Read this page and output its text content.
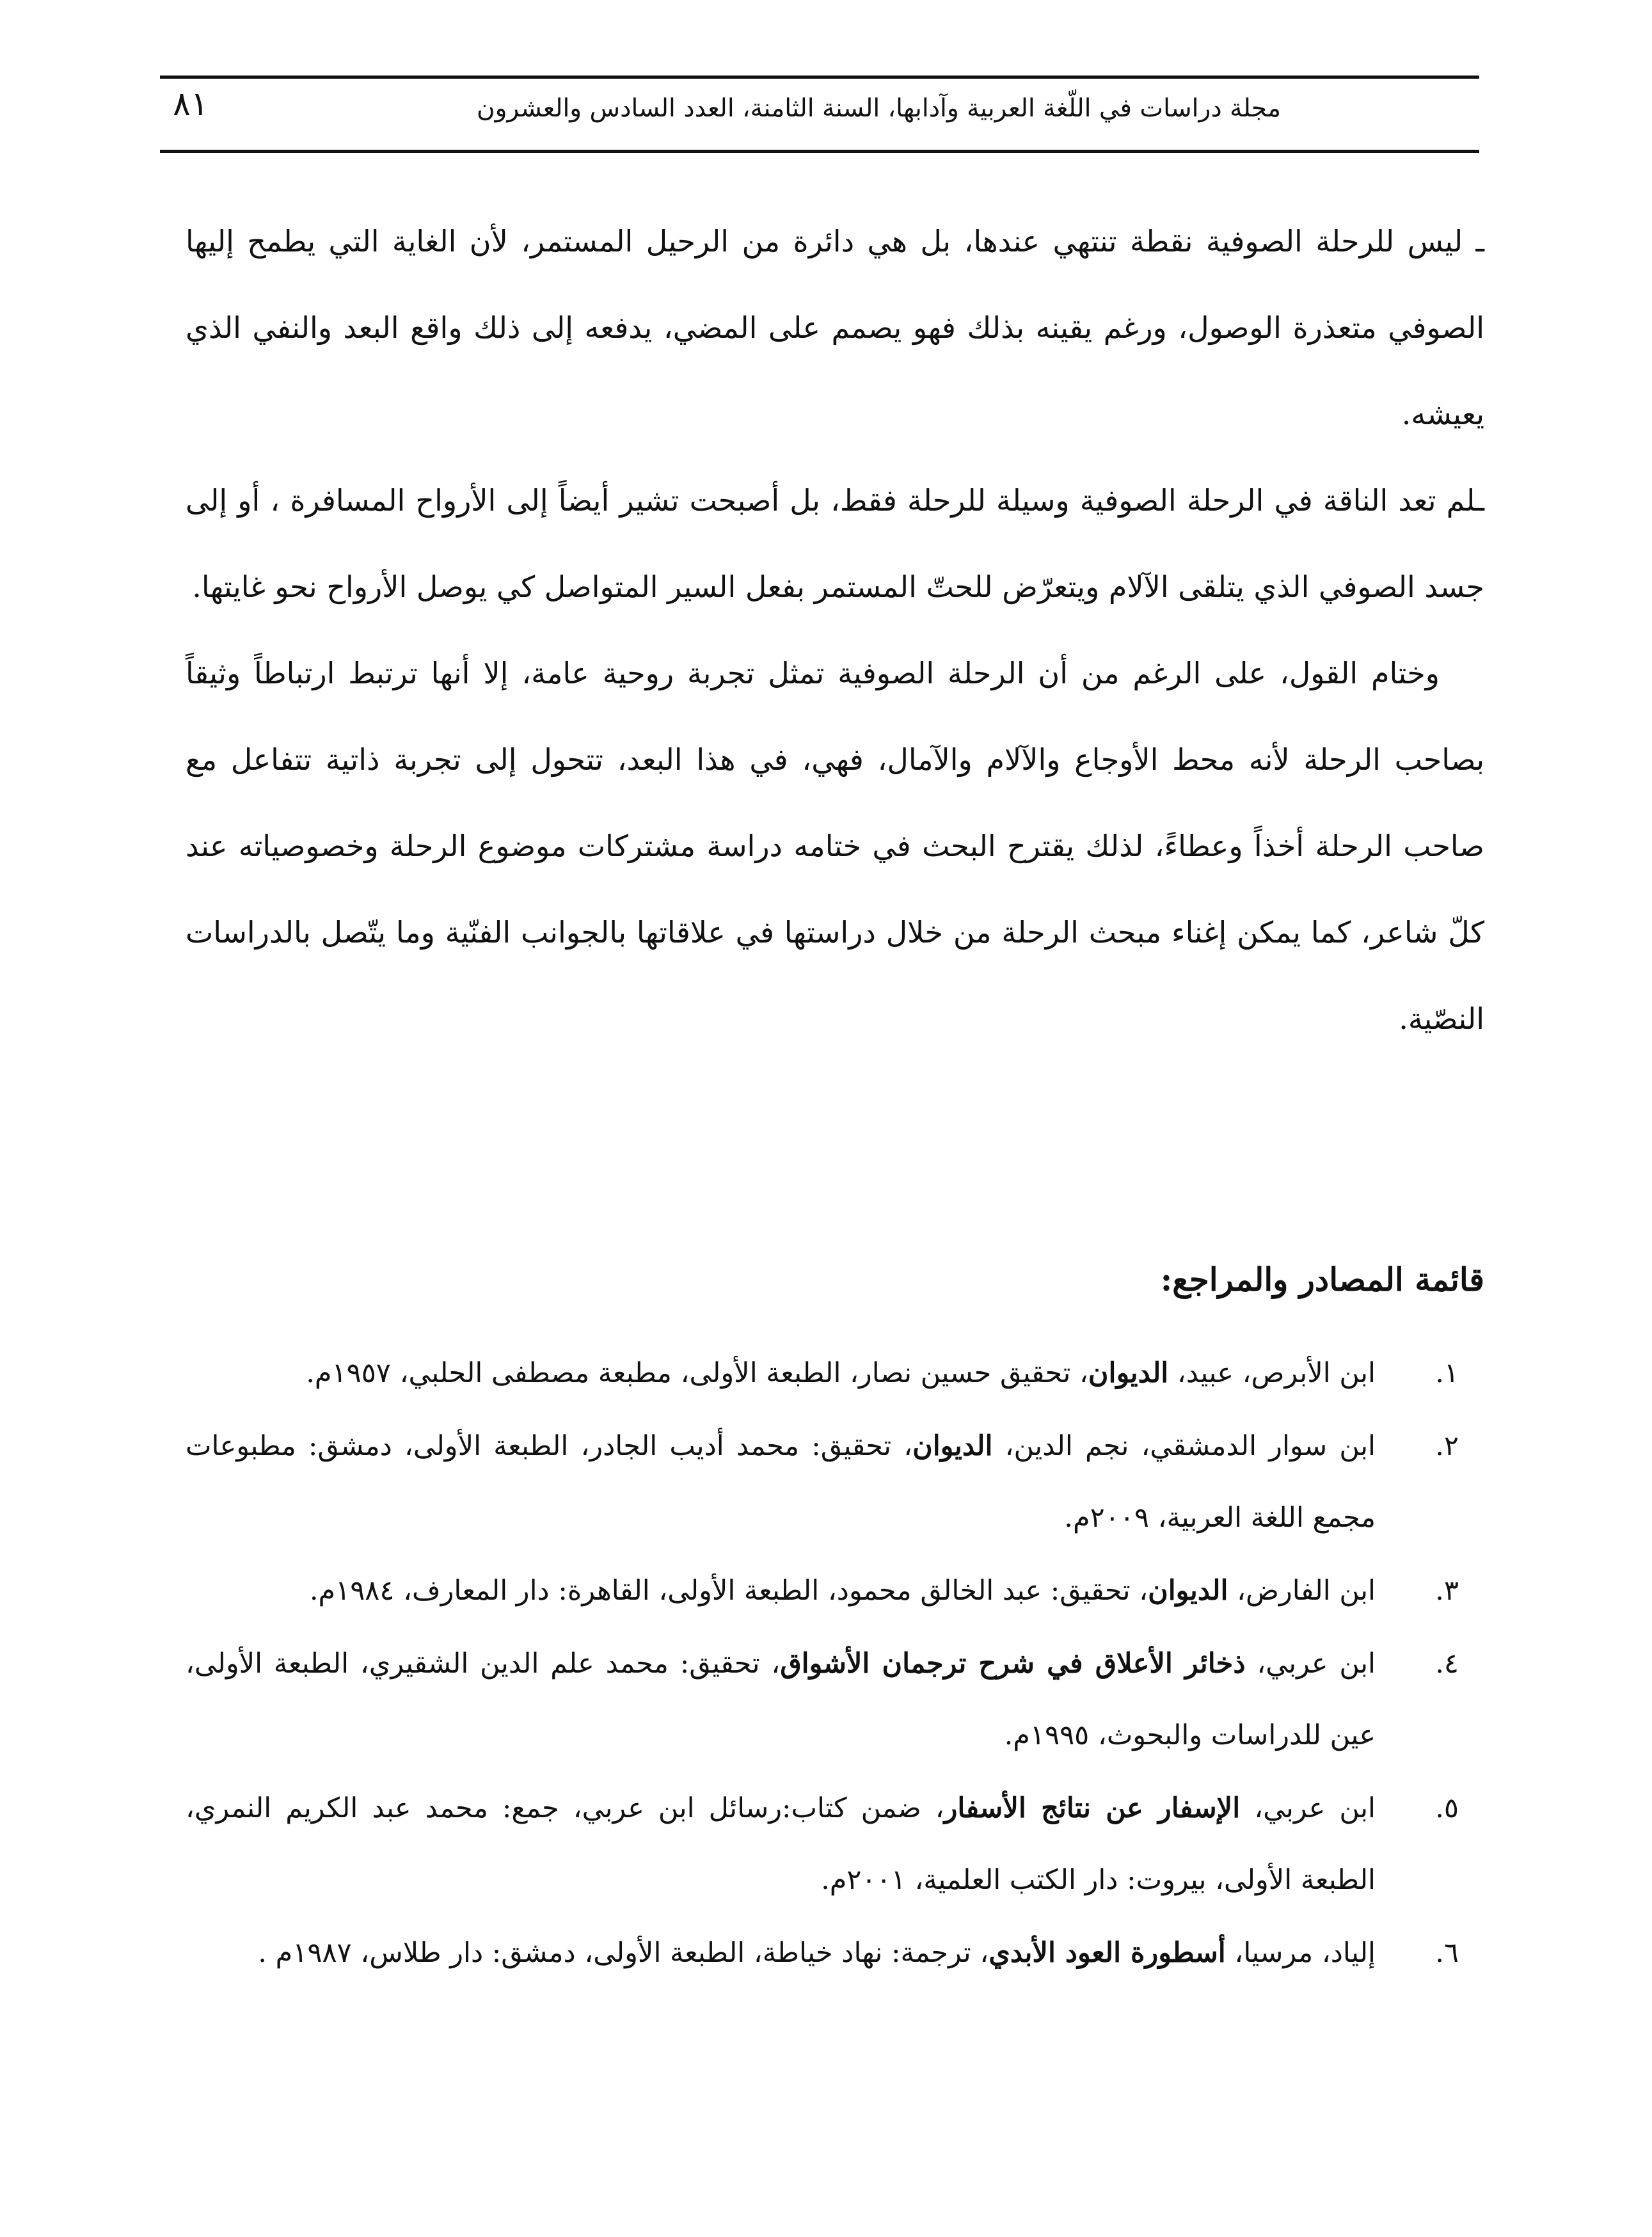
مجلة دراسات في اللّغة العربية وآدابها، السنة الثامنة، العدد السادس والعشرون
٨١

ـ ليس للرحلة الصوفية نقطة تنتهي عندها، بل هي دائرة من الرحيل المستمر، لأن الغاية التي يطمح إليها الصوفي متعذرة الوصول، ورغم يقينه بذلك فهو يصمم على المضي، يدفعه إلى ذلك واقع البعد والنفي الذي يعيشه.

ـلم تعد الناقة في الرحلة الصوفية وسيلة للرحلة فقط، بل أصبحت تشير أيضاً إلى الأرواح المسافرة ، أو إلى جسد الصوفي الذي يتلقى الآلام ويتعرّض للحتّ المستمر بفعل السير المتواصل كي يوصل الأرواح نحو غايتها.

وختام القول، على الرغم من أن الرحلة الصوفية تمثل تجربة روحية عامة، إلا أنها ترتبط ارتباطاً وثيقاً بصاحب الرحلة لأنه محط الأوجاع والآلام والآمال، فهي، في هذا البعد، تتحول إلى تجربة ذاتية تتفاعل مع صاحب الرحلة أخذاً وعطاءً، لذلك يقترح البحث في ختامه دراسة مشتركات موضوع الرحلة وخصوصياته عند كلّ شاعر، كما يمكن إغناء مبحث الرحلة من خلال دراستها في علاقاتها بالجوانب الفنّية وما يتّصل بالدراسات النصّية.

قائمة المصادر والمراجع:
١.
ابن الأبرص، عبيد، الديوان، تحقيق حسين نصار، الطبعة الأولى، مطبعة مصطفى الحلبي، ١٩٥٧م.
٢.
ابن سوار الدمشقي، نجم الدين، الديوان، تحقيق: محمد أديب الجادر، الطبعة الأولى، دمشق: مطبوعات مجمع اللغة العربية، ٢٠٠٩م.
٣.
ابن الفارض، الديوان، تحقيق: عبد الخالق محمود، الطبعة الأولى، القاهرة: دار المعارف، ١٩٨٤م.
٤.
ابن عربي، ذخائر الأعلاق في شرح ترجمان الأشواق، تحقيق: محمد علم الدين الشقيري، الطبعة الأولى، عين للدراسات والبحوث، ١٩٩٥م.
٥.
ابن عربي، الإسفار عن نتائج الأسفار، ضمن كتاب:رسائل ابن عربي، جمع: محمد عبد الكريم النمري، الطبعة الأولى، بيروت: دار الكتب العلمية، ٢٠٠١م.
٦.
إلياد، مرسيا، أسطورة العود الأبدي، ترجمة: نهاد خياطة، الطبعة الأولى، دمشق: دار طلاس، ١٩٨٧م .
